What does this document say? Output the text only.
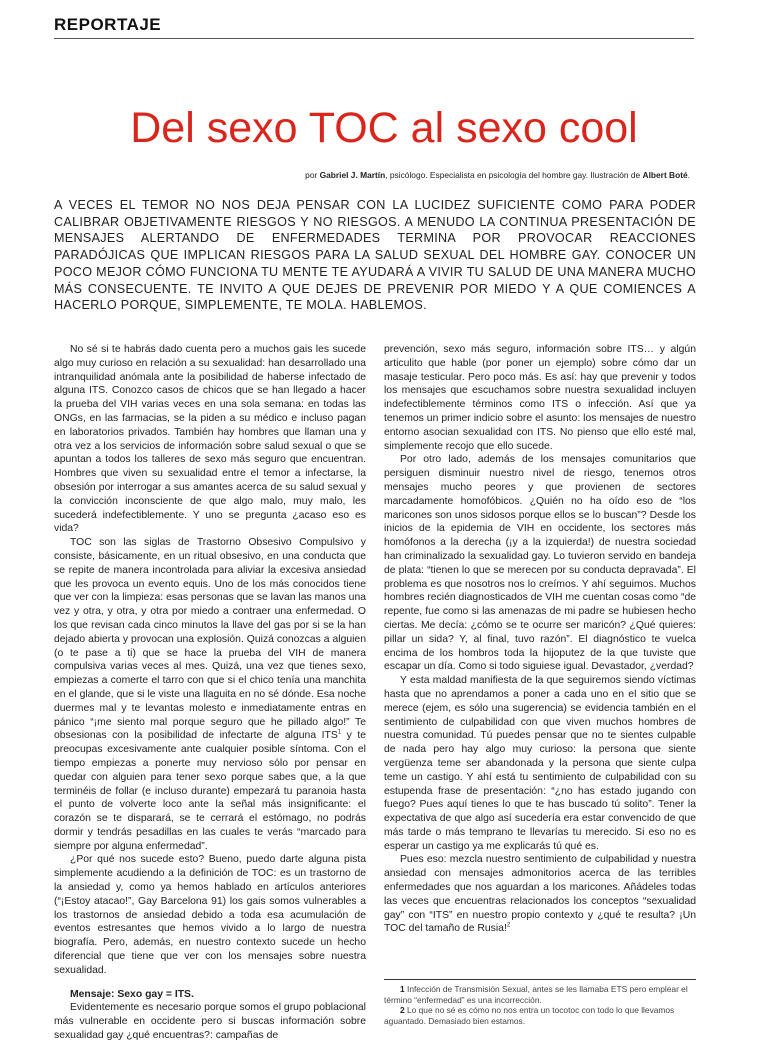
REPORTAJE
Del sexo TOC al sexo cool
por Gabriel J. Martín, psicólogo. Especialista en psicología del hombre gay. Ilustración de Albert Boté.
A VECES EL TEMOR NO NOS DEJA PENSAR CON LA LUCIDEZ SUFICIENTE COMO PARA PODER CALIBRAR OBJETIVAMENTE RIESGOS Y NO RIESGOS. A MENUDO LA CONTINUA PRESENTACIÓN DE MENSAJES ALERTANDO DE ENFERMEDADES TERMINA POR PROVOCAR REACCIONES PARADÓJICAS QUE IMPLICAN RIESGOS PARA LA SALUD SEXUAL DEL HOMBRE GAY. CONOCER UN POCO MEJOR CÓMO FUNCIONA TU MENTE TE AYUDARÁ A VIVIR TU SALUD DE UNA MANERA MUCHO MÁS CONSECUENTE. TE INVITO A QUE DEJES DE PREVENIR POR MIEDO Y A QUE COMIENCES A HACERLO PORQUE, SIMPLEMENTE, TE MOLA. HABLEMOS.

No sé si te habrás dado cuenta pero a muchos gais les sucede algo muy curioso en relación a su sexualidad: han desarrollado una intranquilidad anómala ante la posibilidad de haberse infectado de alguna ITS. Conozco casos de chicos que se han llegado a hacer la prueba del VIH varias veces en una sola semana: en todas las ONGs, en las farmacias, se la piden a su médico e incluso pagan en laboratorios privados. También hay hombres que llaman una y otra vez a los servicios de información sobre salud sexual o que se apuntan a todos los talleres de sexo más seguro que encuentran. Hombres que viven su sexualidad entre el temor a infectarse, la obsesión por interrogar a sus amantes acerca de su salud sexual y la convicción inconsciente de que algo malo, muy malo, les sucederá indefectiblemente. Y uno se pregunta ¿acaso eso es vida?

TOC son las siglas de Trastorno Obsesivo Compulsivo y consiste, básicamente, en un ritual obsesivo, en una conducta que se repite de manera incontrolada para aliviar la excesiva ansiedad que les provoca un evento equis. Uno de los más conocidos tiene que ver con la limpieza: esas personas que se lavan las manos una vez y otra, y otra, y otra por miedo a contraer una enfermedad. O los que revisan cada cinco minutos la llave del gas por si se la han dejado abierta y provocan una explosión. Quizá conozcas a alguien (o te pase a ti) que se hace la prueba del VIH de manera compulsiva varias veces al mes. Quizá, una vez que tienes sexo, empiezas a comerte el tarro con que si el chico tenía una manchita en el glande, que si le viste una llaguita en no sé dónde. Esa noche duermes mal y te levantas molesto e inmediatamente entras en pánico “¡me siento mal porque seguro que he pillado algo!” Te obsesionas con la posibilidad de infectarte de alguna ITS$^1$ y te preocupas excesivamente ante cualquier posible síntoma. Con el tiempo empiezas a ponerte muy nervioso sólo por pensar en quedar con alguien para tener sexo porque sabes que, a la que terminéis de follar (e incluso durante) empezará tu paranoia hasta el punto de volverte loco ante la señal más insignificante: el corazón se te disparará, se te cerrará el estómago, no podrás dormir y tendrás pesadillas en las cuales te verás “marcado para siempre por alguna enfermedad”.

¿Por qué nos sucede esto? Bueno, puedo darte alguna pista simplemente acudiendo a la definición de TOC: es un trastorno de la ansiedad y, como ya hemos hablado en artículos anteriores (“¡Estoy atacao!”, Gay Barcelona 91) los gais somos vulnerables a los trastornos de ansiedad debido a toda esa acumulación de eventos estresantes que hemos vivido a lo largo de nuestra biografía. Pero, además, en nuestro contexto sucede un hecho diferencial que tiene que ver con los mensajes sobre nuestra sexualidad.

Mensaje: Sexo gay = ITS.

Evidentemente es necesario porque somos el grupo poblacional más vulnerable en occidente pero si buscas información sobre sexualidad gay ¿qué encuentras?: campañas de

prevención, sexo más seguro, información sobre ITS… y algún articulito que hable (por poner un ejemplo) sobre cómo dar un masaje testicular. Pero poco más. Es así: hay que prevenir y todos los mensajes que escuchamos sobre nuestra sexualidad incluyen indefectiblemente términos como ITS o infección. Así que ya tenemos un primer indicio sobre el asunto: los mensajes de nuestro entorno asocian sexualidad con ITS. No pienso que ello esté mal, simplemente recojo que ello sucede.

Por otro lado, además de los mensajes comunitarios que persiguen disminuir nuestro nivel de riesgo, tenemos otros mensajes mucho peores y que provienen de sectores marcadamente homofóbicos. ¿Quién no ha oído eso de “los maricones son unos sidosos porque ellos se lo buscan”? Desde los inicios de la epidemia de VIH en occidente, los sectores más homófonos a la derecha (¡y a la izquierda!) de nuestra sociedad han criminalizado la sexualidad gay. Lo tuvieron servido en bandeja de plata: “tienen lo que se merecen por su conducta depravada”. El problema es que nosotros nos lo creímos. Y ahí seguimos. Muchos hombres recién diagnosticados de VIH me cuentan cosas como “de repente, fue como si las amenazas de mi padre se hubiesen hecho ciertas. Me decía: ¿cómo se te ocurre ser maricón? ¿Qué quieres: pillar un sida? Y, al final, tuvo razón”. El diagnóstico te vuelca encima de los hombros toda la hijoputez de la que tuviste que escapar un día. Como si todo siguiese igual. Devastador, ¿verdad?

Y esta maldad manifiesta de la que seguiremos siendo víctimas hasta que no aprendamos a poner a cada uno en el sitio que se merece (ejem, es sólo una sugerencia) se evidencia también en el sentimiento de culpabilidad con que viven muchos hombres de nuestra comunidad. Tú puedes pensar que no te sientes culpable de nada pero hay algo muy curioso: la persona que siente vergüenza teme ser abandonada y la persona que siente culpa teme un castigo. Y ahí está tu sentimiento de culpabilidad con su estupenda frase de presentación: “¿no has estado jugando con fuego? Pues aquí tienes lo que te has buscado tú solito”. Tener la expectativa de que algo así sucedería era estar convencido de que más tarde o más temprano te llevarías tu merecido. Si eso no es esperar un castigo ya me explicarás tú qué es.

Pues eso: mezcla nuestro sentimiento de culpabilidad y nuestra ansiedad con mensajes admonitorios acerca de las terribles enfermedades que nos aguardan a los maricones. Añádeles todas las veces que encuentras relacionados los conceptos “sexualidad gay” con “ITS” en nuestro propio contexto y ¿qué te resulta? ¡Un TOC del tamaño de Rusia!$^2$

1 Infección de Transmisión Sexual, antes se les llamaba ETS pero emplear el término “enfermedad” es una incorrección.

2 Lo que no sé es cómo no nos entra un tocotoc con todo lo que llevamos aguantado. Demasiado bien estamos.
